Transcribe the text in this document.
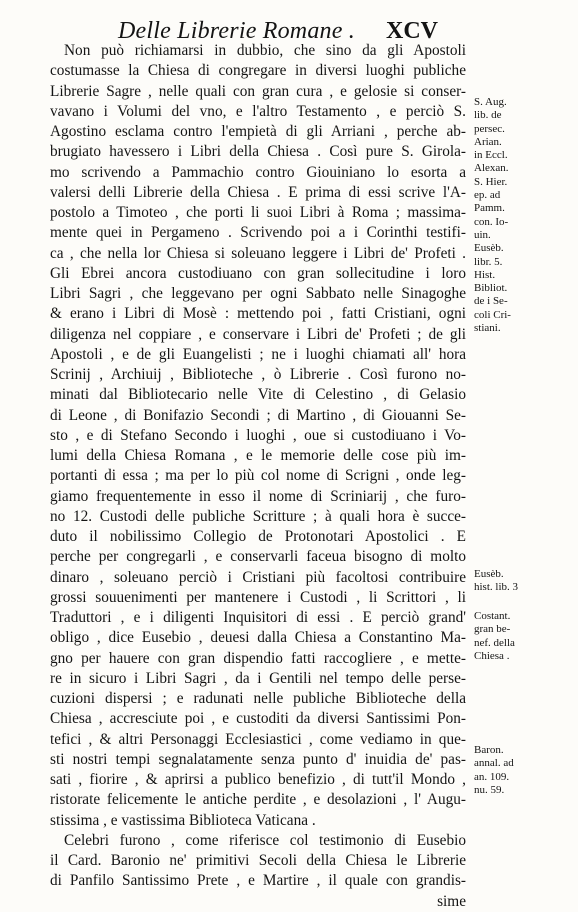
Delle Librerie Romane . XCV
Non può richiamarsi in dubbio, che sino da gli Apostoli
costumasse la Chiesa di congregare in diversi luoghi publiche
Librerie Sagre , nelle quali con gran cura , e gelosie si conser-
vavano i Volumi del vno, e l'altro Testamento , e perciò S.
Agostino esclama contro l'empietà di gli Arriani , perche ab-
brugiato havessero i Libri della Chiesa . Così pure S. Girola-
mo scrivendo a Pammachio contro Giouiniano lo esorta a
valersi delli Librerie della Chiesa . E prima di essi scrive l'A-
postolo a Timoteo , che porti li suoi Libri à Roma ; massima-
mente quei in Pergameno . Scrivendo poi a i Corinthi testifi-
ca , che nella lor Chiesa si soleuano leggere i Libri de' Profeti .
Gli Ebrei ancora custodiuano con gran sollecitudine i loro
Libri Sagri , che leggevano per ogni Sabbato nelle Sinagoghe
& erano i Libri di Mosè : mettendo poi , fatti Cristiani, ogni
diligenza nel coppiare , e conservare i Libri de' Profeti ; de gli
Apostoli , e de gli Euangelisti ; ne i luoghi chiamati all' hora
Scrinij , Archiuij , Biblioteche , ò Librerie . Così furono no-
minati dal Bibliotecario nelle Vite di Celestino , di Gelasio
di Leone , di Bonifazio Secondi ; di Martino , di Giouanni Se-
sto , e di Stefano Secondo i luoghi , oue si custodiuano i Vo-
lumi della Chiesa Romana , e le memorie delle cose più im-
portanti di essa ; ma per lo più col nome di Scrigni , onde leg-
giamo frequentemente in esso il nome di Scriniarij , che furo-
no 12. Custodi delle publiche Scritture ; à quali hora è succe-
duto il nobilissimo Collegio de Protonotari Apostolici . E
perche per congregarli , e conservarli faceua bisogno di molto
dinaro , soleuano perciò i Cristiani più facoltosi contribuire
grossi souuenimenti per mantenere i Custodi , li Scrittori , li
Traduttori , e i diligenti Inquisitori di essi . E perciò grand'
obligo , dice Eusebio , deuesi dalla Chiesa a Constantino Ma-
gno per hauere con gran dispendio fatti raccogliere , e mette-
re in sicuro i Libri Sagri , da i Gentili nel tempo delle perse-
cuzioni dispersi ; e radunati nelle publiche Biblioteche della
Chiesa , accresciute poi , e custoditi da diversi Santissimi Pon-
tefici , & altri Personaggi Ecclesiastici , come vediamo in que-
sti nostri tempi segnalatamente senza punto d' inuidia de' pas-
sati , fiorire , & aprirsi a publico benefizio , di tutt'il Mondo ,
ristorate felicemente le antiche perdite , e desolazioni , l' Augu-
stissima , e vastissima Biblioteca Vaticana .
Celebri furono , come riferisce col testimonio di Eusebio
il Card. Baronio ne' primitivi Secoli della Chiesa le Librerie
di Panfilo Santissimo Prete , e Martire , il quale con grandis-
sime
S. Aug.
lib. de
persec.
Arian.
in Eccl.
Alexan.
S. Hier.
ep. ad
Pamm.
con. Io-
uin.
Eusèb.
libr. 5.
Hist.
Bibliot.
de i Se-
coli Cri-
stiani.
Eusèb.
hist. lib. 3
Costant.
gran be-
nef. della
Chiesa .
Baron.
annal. ad
an. 109.
nu. 59.
